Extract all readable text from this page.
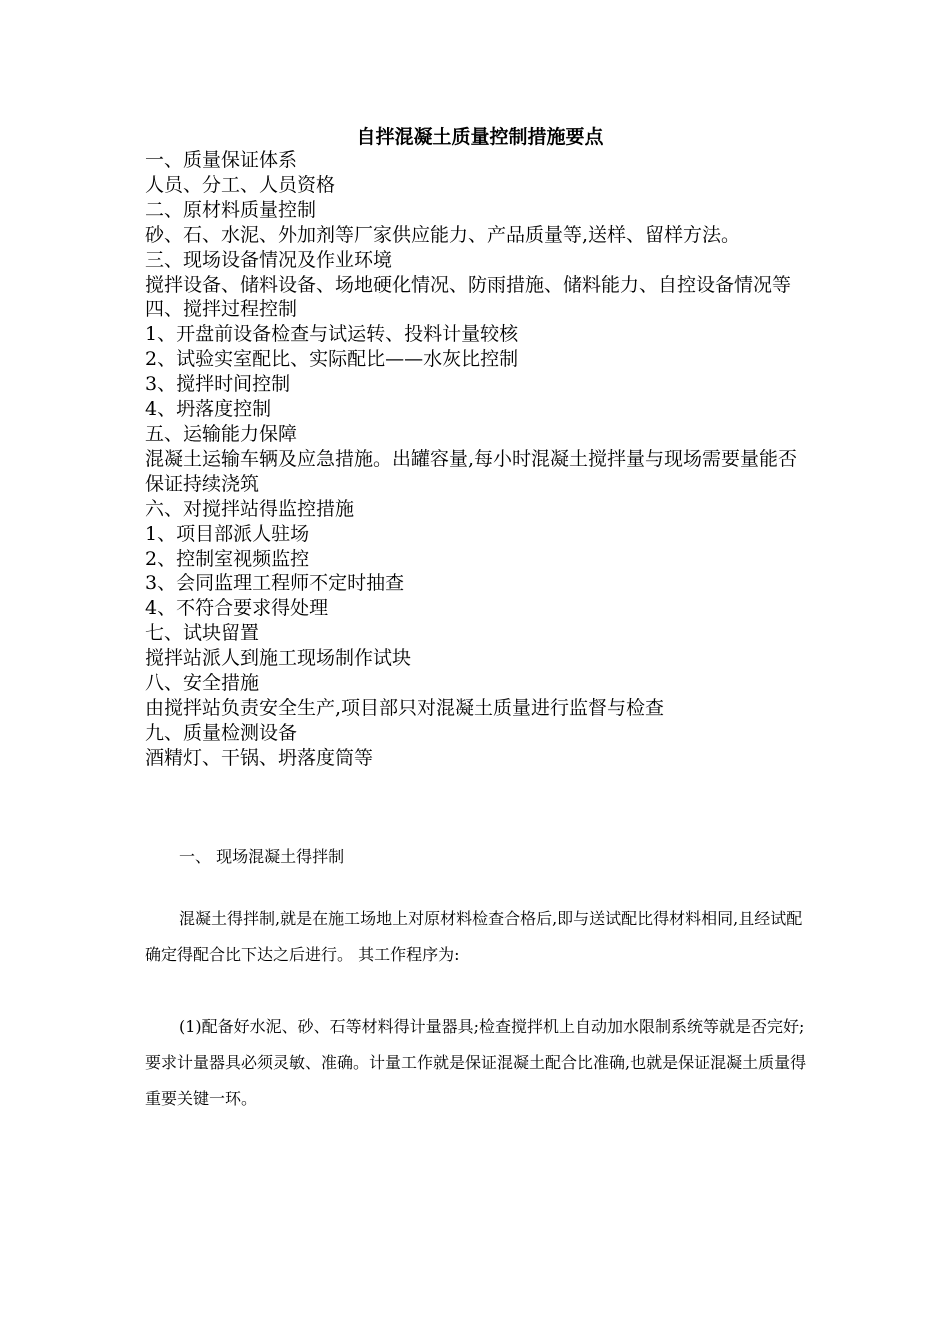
自拌混凝土质量控制措施要点
一、质量保证体系
人员、分工、人员资格
二、原材料质量控制
砂、石、水泥、外加剂等厂家供应能力、产品质量等,送样、留样方法。
三、现场设备情况及作业环境
搅拌设备、储料设备、场地硬化情况、防雨措施、储料能力、自控设备情况等
四、搅拌过程控制
1、开盘前设备检查与试运转、投料计量较核
2、试验实室配比、实际配比——水灰比控制
3、搅拌时间控制
4、坍落度控制
五、运输能力保障
混凝土运输车辆及应急措施。出罐容量,每小时混凝土搅拌量与现场需要量能否保证持续浇筑
六、对搅拌站得监控措施
1、项目部派人驻场
2、控制室视频监控
3、会同监理工程师不定时抽查
4、不符合要求得处理
七、试块留置
搅拌站派人到施工现场制作试块
八、安全措施
由搅拌站负责安全生产,项目部只对混凝土质量进行监督与检查
九、质量检测设备
酒精灯、干锅、坍落度筒等
一、 现场混凝土得拌制

混凝土得拌制,就是在施工场地上对原材料检查合格后,即与送试配比得材料相同,且经试配确定得配合比下达之后进行。 其工作程序为:

(1)配备好水泥、砂、石等材料得计量器具;检查搅拌机上自动加水限制系统等就是否完好;要求计量器具必须灵敏、准确。计量工作就是保证混凝土配合比准确,也就是保证混凝土质量得重要关键一环。
